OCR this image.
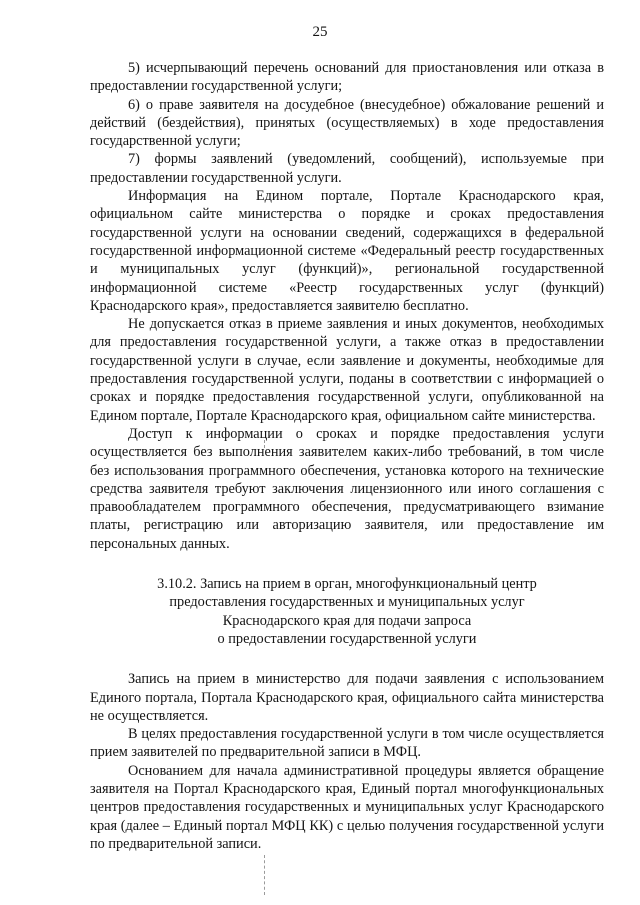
25

5) исчерпывающий перечень оснований для приостановления или отказа в предоставлении государственной услуги;

6) о праве заявителя на досудебное (внесудебное) обжалование решений и действий (бездействия), принятых (осуществляемых) в ходе предоставления государственной услуги;

7) формы заявлений (уведомлений, сообщений), используемые при предоставлении государственной услуги.

Информация на Едином портале, Портале Краснодарского края, официальном сайте министерства о порядке и сроках предоставления государственной услуги на основании сведений, содержащихся в федеральной государственной информационной системе «Федеральный реестр государственных и муниципальных услуг (функций)», региональной государственной информационной системе «Реестр государственных услуг (функций) Краснодарского края», предоставляется заявителю бесплатно.

Не допускается отказ в приеме заявления и иных документов, необходимых для предоставления государственной услуги, а также отказ в предоставлении государственной услуги в случае, если заявление и документы, необходимые для предоставления государственной услуги, поданы в соответствии с информацией о сроках и порядке предоставления государственной услуги, опубликованной на Едином портале, Портале Краснодарского края, официальном сайте министерства.

Доступ к информации о сроках и порядке предоставления услуги осуществляется без выполнения заявителем каких-либо требований, в том числе без использования программного обеспечения, установка которого на технические средства заявителя требуют заключения лицензионного или иного соглашения с правообладателем программного обеспечения, предусматривающего взимание платы, регистрацию или авторизацию заявителя, или предоставление им персональных данных.

3.10.2. Запись на прием в орган, многофункциональный центр
предоставления государственных и муниципальных услуг
Краснодарского края для подачи запроса
о предоставлении государственной услуги

Запись на прием в министерство для подачи заявления с использованием Единого портала, Портала Краснодарского края, официального сайта министерства не осуществляется.

В целях предоставления государственной услуги в том числе осуществляется прием заявителей по предварительной записи в МФЦ.

Основанием для начала административной процедуры является обращение заявителя на Портал Краснодарского края, Единый портал многофункциональных центров предоставления государственных и муниципальных услуг Краснодарского края (далее – Единый портал МФЦ КК) с целью получения государственной услуги по предварительной записи.
